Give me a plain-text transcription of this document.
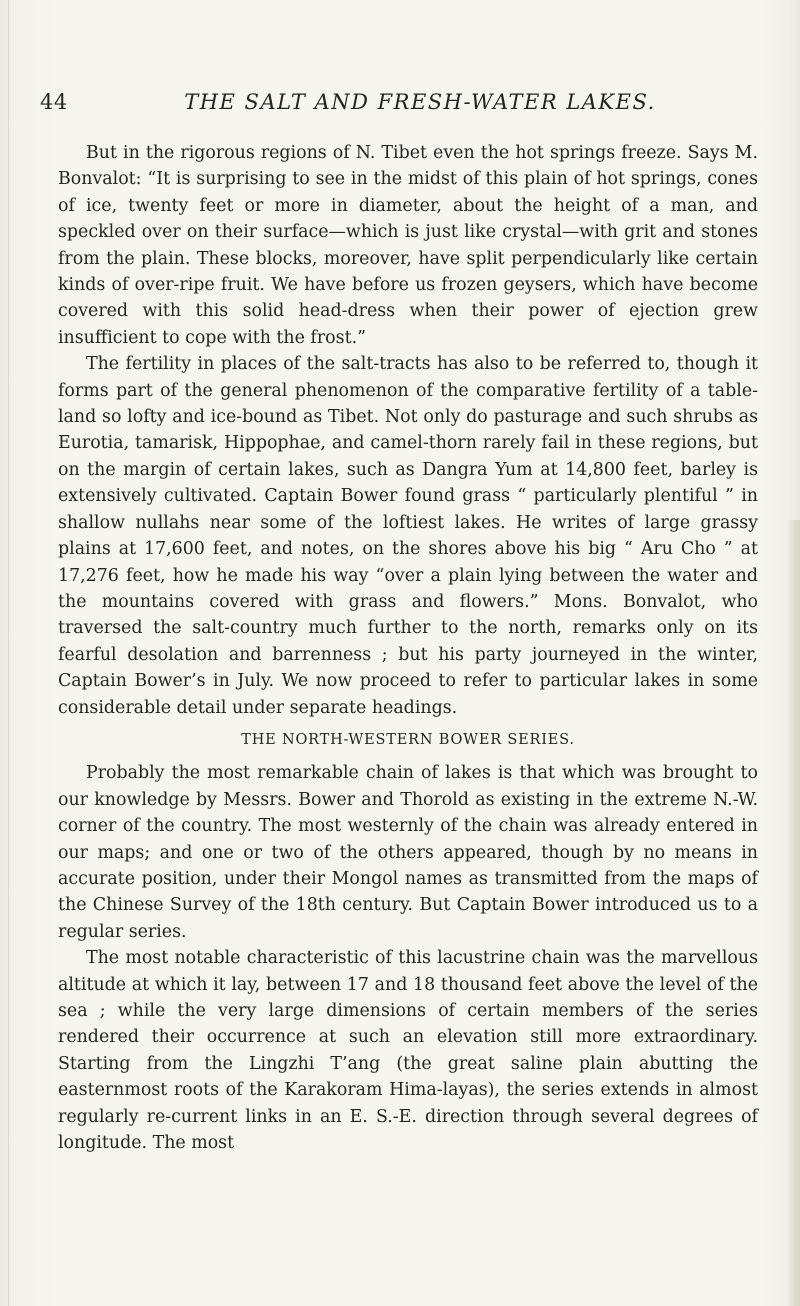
44	THE SALT AND FRESH-WATER LAKES.

But in the rigorous regions of N. Tibet even the hot springs freeze. Says M. Bonvalot: “It is surprising to see in the midst of this plain of hot springs, cones of ice, twenty feet or more in diameter, about the height of a man, and speckled over on their surface—which is just like crystal—with grit and stones from the plain. These blocks, moreover, have split perpendicularly like certain kinds of over-ripe fruit. We have before us frozen geysers, which have become covered with this solid head-dress when their power of ejection grew insufficient to cope with the frost.”

The fertility in places of the salt-tracts has also to be referred to, though it forms part of the general phenomenon of the comparative fertility of a table-land so lofty and ice-bound as Tibet. Not only do pasturage and such shrubs as Eurotia, tamarisk, Hippophae, and camel-thorn rarely fail in these regions, but on the margin of certain lakes, such as Dangra Yum at 14,800 feet, barley is extensively cultivated. Captain Bower found grass “ particularly plentiful ” in shallow nullahs near some of the loftiest lakes. He writes of large grassy plains at 17,600 feet, and notes, on the shores above his big “ Aru Cho ” at 17,276 feet, how he made his way “over a plain lying between the water and the mountains covered with grass and flowers.” Mons. Bonvalot, who traversed the salt-country much further to the north, remarks only on its fearful desolation and barrenness ; but his party journeyed in the winter, Captain Bower’s in July. We now proceed to refer to particular lakes in some considerable detail under separate headings.

THE NORTH-WESTERN BOWER SERIES.

Probably the most remarkable chain of lakes is that which was brought to our knowledge by Messrs. Bower and Thorold as existing in the extreme N.-W. corner of the country. The most westernly of the chain was already entered in our maps; and one or two of the others appeared, though by no means in accurate position, under their Mongol names as transmitted from the maps of the Chinese Survey of the 18th century. But Captain Bower introduced us to a regular series.

The most notable characteristic of this lacustrine chain was the marvellous altitude at which it lay, between 17 and 18 thousand feet above the level of the sea ; while the very large dimensions of certain members of the series rendered their occurrence at such an elevation still more extraordinary. Starting from the Lingzhi T’ang (the great saline plain abutting the easternmost roots of the Karakoram Hima-layas), the series extends in almost regularly re-current links in an E. S.-E. direction through several degrees of longitude. The most
